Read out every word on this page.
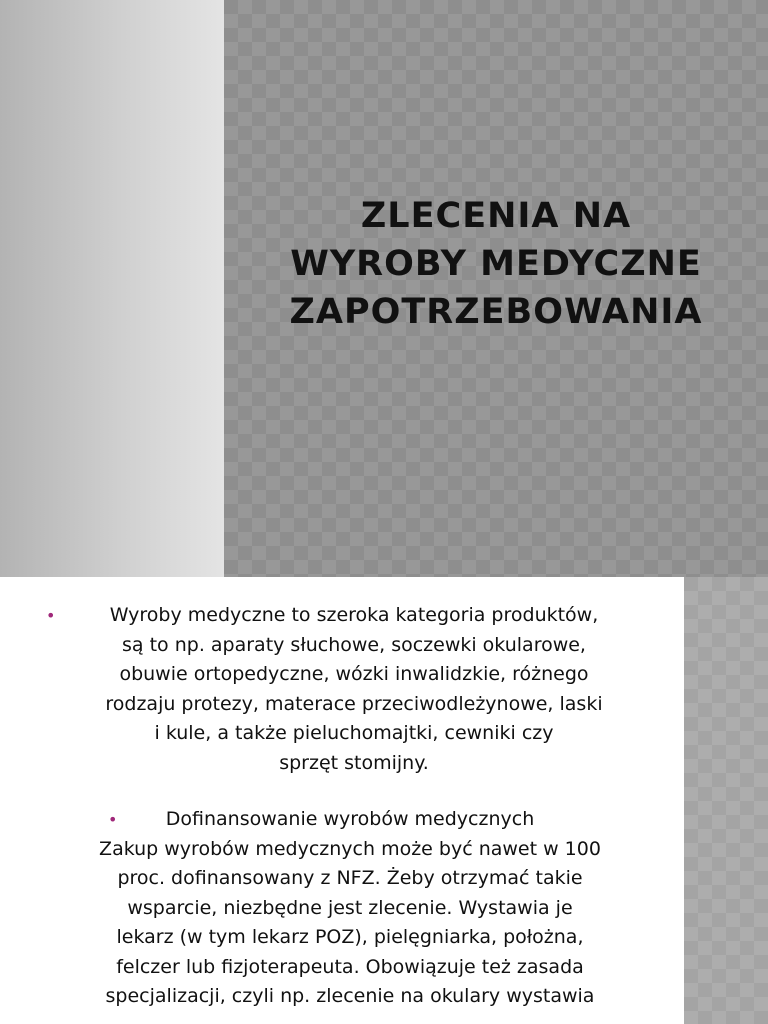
ZLECENIA NA
WYROBY MEDYCZNE
ZAPOTRZEBOWANIA

•	Wyroby medyczne to szeroka kategoria produktów,
są to np. aparaty słuchowe, soczewki okularowe,
obuwie ortopedyczne, wózki inwalidzkie, różnego
rodzaju protezy, materace przeciwodleżynowe, laski
i kule, a także pieluchomajtki, cewniki czy
sprzęt stomijny.

•	Dofinansowanie wyrobów medycznych

Zakup wyrobów medycznych może być nawet w 100
proc. dofinansowany z NFZ. Żeby otrzymać takie
wsparcie, niezbędne jest zlecenie. Wystawia je
lekarz (w tym lekarz POZ), pielęgniarka, położna,
felczer lub fizjoterapeuta. Obowiązuje też zasada
specjalizacji, czyli np. zlecenie na okulary wystawia
